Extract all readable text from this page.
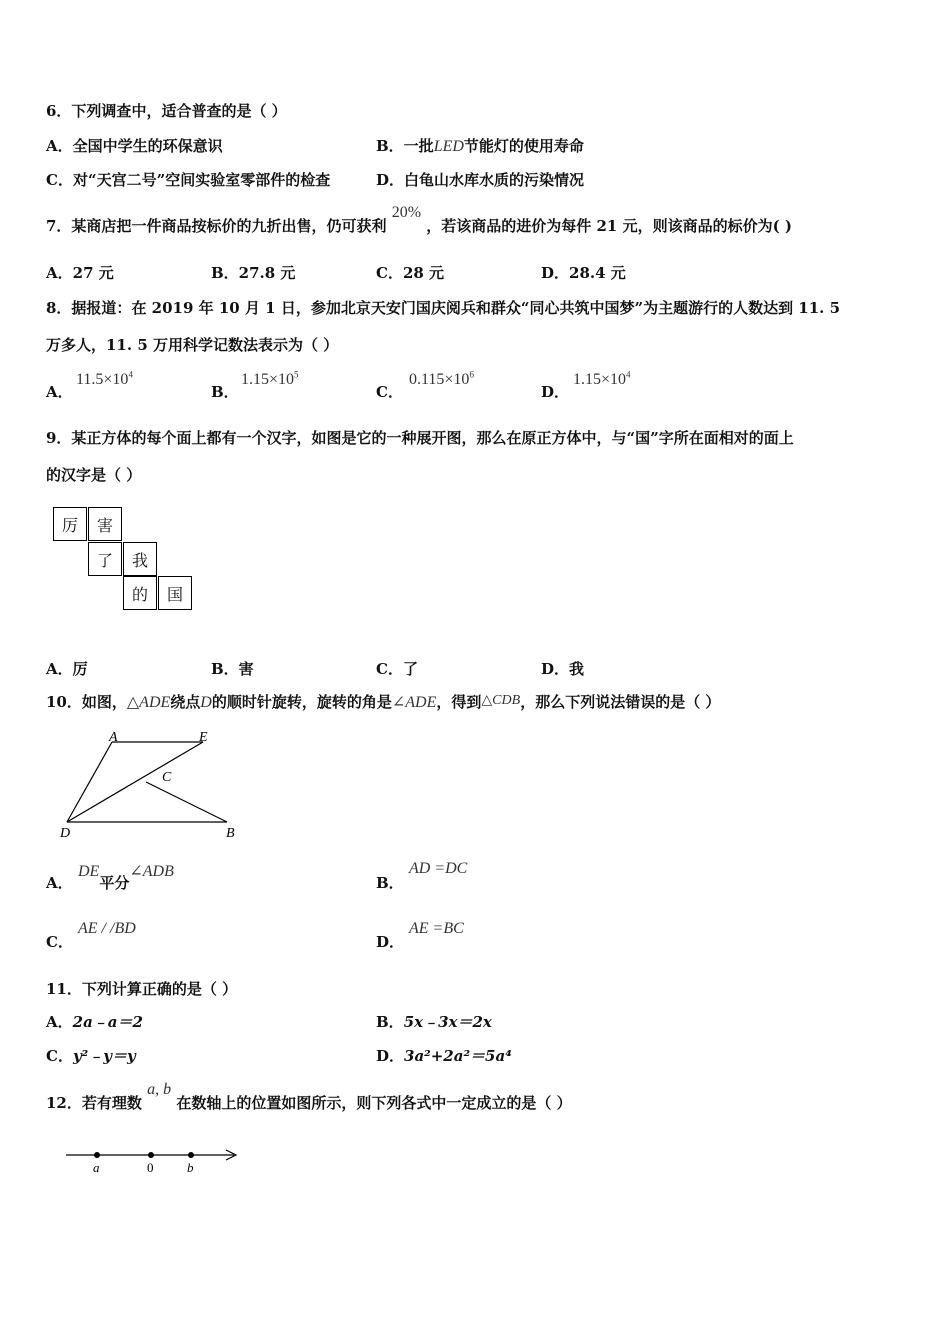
6．下列调查中，适合普查的是（ ）
A．全国中学生的环保意识	B．一批LED节能灯的使用寿命
C．对“天宫二号”空间实验室零部件的检查	D．白龟山水库水质的污染情况
7．某商店把一件商品按标价的九折出售，仍可获利 20% ，若该商品的进价为每件 21 元，则该商品的标价为( )
A．27 元	B．27.8 元	C．28 元	D．28.4 元
8．据报道：在 2019 年 10 月 1 日，参加北京天安门国庆阅兵和群众“同心共筑中国梦”为主题游行的人数达到 11. 5
万多人，11. 5 万用科学记数法表示为（ ）
A．
$11.5\times 10^4$
B．
$1.15\times 10^5$
C．
$0.115\times 10^6$
D．
$1.15\times 10^4$
9．某正方体的每个面上都有一个汉字，如图是它的一种展开图，那么在原正方体中，与“国”字所在面相对的面上
的汉字是（ ）
厉	害
了	我
的	国
A．厉	B．害	C．了	D．我
10．如图，△ADE绕点D的顺时针旋转，旋转的角是∠ADE，得到△CDB，那么下列说法错误的是（ ）
A	E
C
D	B
A．
DE平分∠ADB
B．
AD =DC
C．
AE / /BD
D．
AE =BC
11．下列计算正确的是（ ）
A．2a﹣a＝2	B．5x﹣3x＝2x
C．y²﹣y＝y	D．3a²+2a²＝5a⁴
12．若有理数 a, b 在数轴上的位置如图所示，则下列各式中一定成立的是（ ）
a	0	b
